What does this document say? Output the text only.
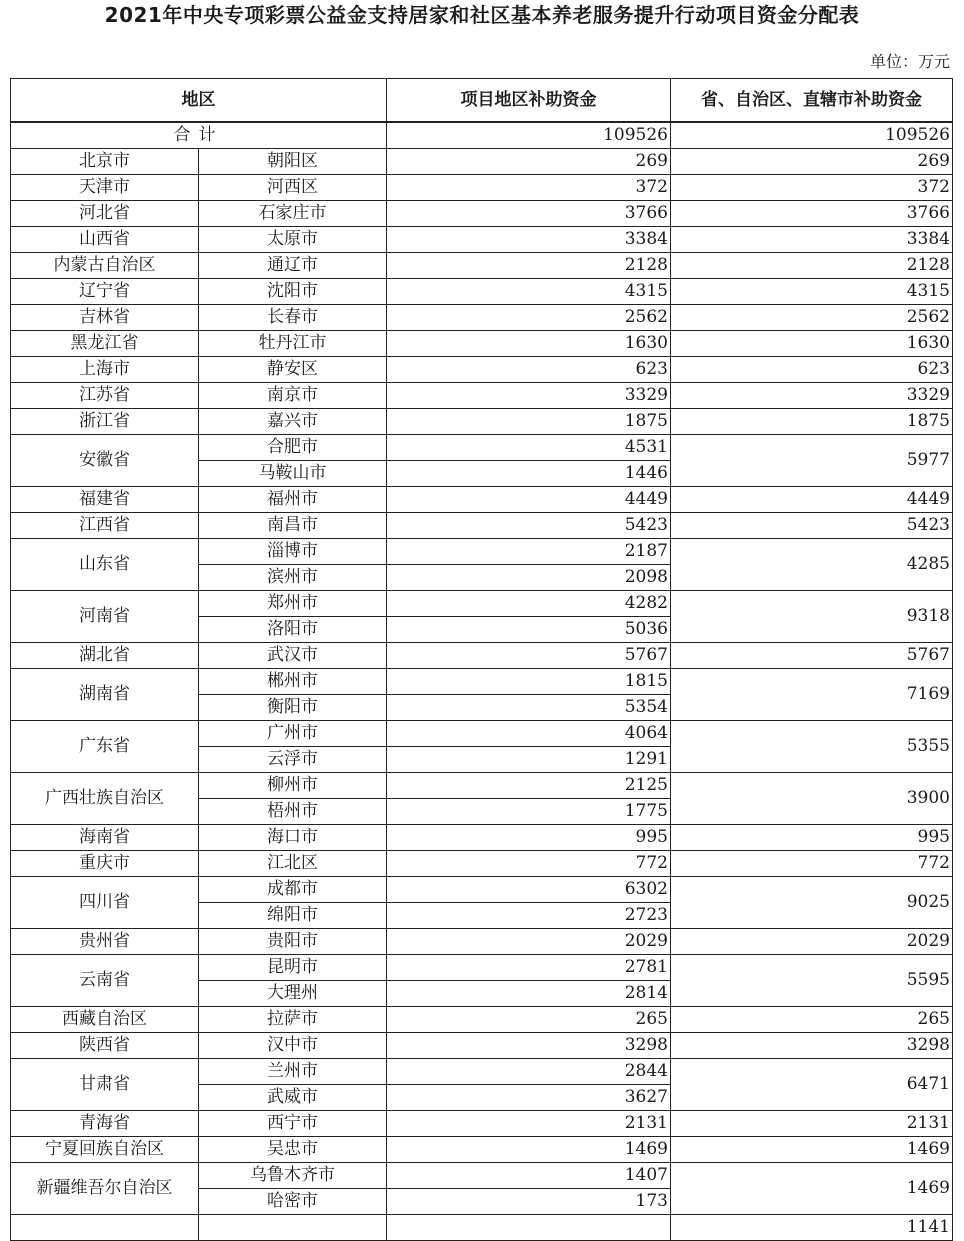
2021年中央专项彩票公益金支持居家和社区基本养老服务提升行动项目资金分配表
单位：万元
地区		项目地区补助资金	省、自治区、直辖市补助资金
合计		109526	109526
北京市	朝阳区	269	269
天津市	河西区	372	372
河北省	石家庄市	3766	3766
山西省	太原市	3384	3384
内蒙古自治区	通辽市	2128	2128
辽宁省	沈阳市	4315	4315
吉林省	长春市	2562	2562
黑龙江省	牡丹江市	1630	1630
上海市	静安区	623	623
江苏省	南京市	3329	3329
浙江省	嘉兴市	1875	1875
安徽省	合肥市	4531	5977
	马鞍山市	1446	
福建省	福州市	4449	4449
江西省	南昌市	5423	5423
山东省	淄博市	2187	4285
	滨州市	2098	
河南省	郑州市	4282	9318
	洛阳市	5036	
湖北省	武汉市	5767	5767
湖南省	郴州市	1815	7169
	衡阳市	5354	
广东省	广州市	4064	5355
	云浮市	1291	
广西壮族自治区	柳州市	2125	3900
	梧州市	1775	
海南省	海口市	995	995
重庆市	江北区	772	772
四川省	成都市	6302	9025
	绵阳市	2723	
贵州省	贵阳市	2029	2029
云南省	昆明市	2781	5595
	大理州	2814	
西藏自治区	拉萨市	265	265
陕西省	汉中市	3298	3298
甘肃省	兰州市	2844	6471
	武威市	3627	
青海省	西宁市	2131	2131
宁夏回族自治区	吴忠市	1469	1469
新疆维吾尔自治区	乌鲁木齐市	1407	1469
	哈密市	173	
			1141
